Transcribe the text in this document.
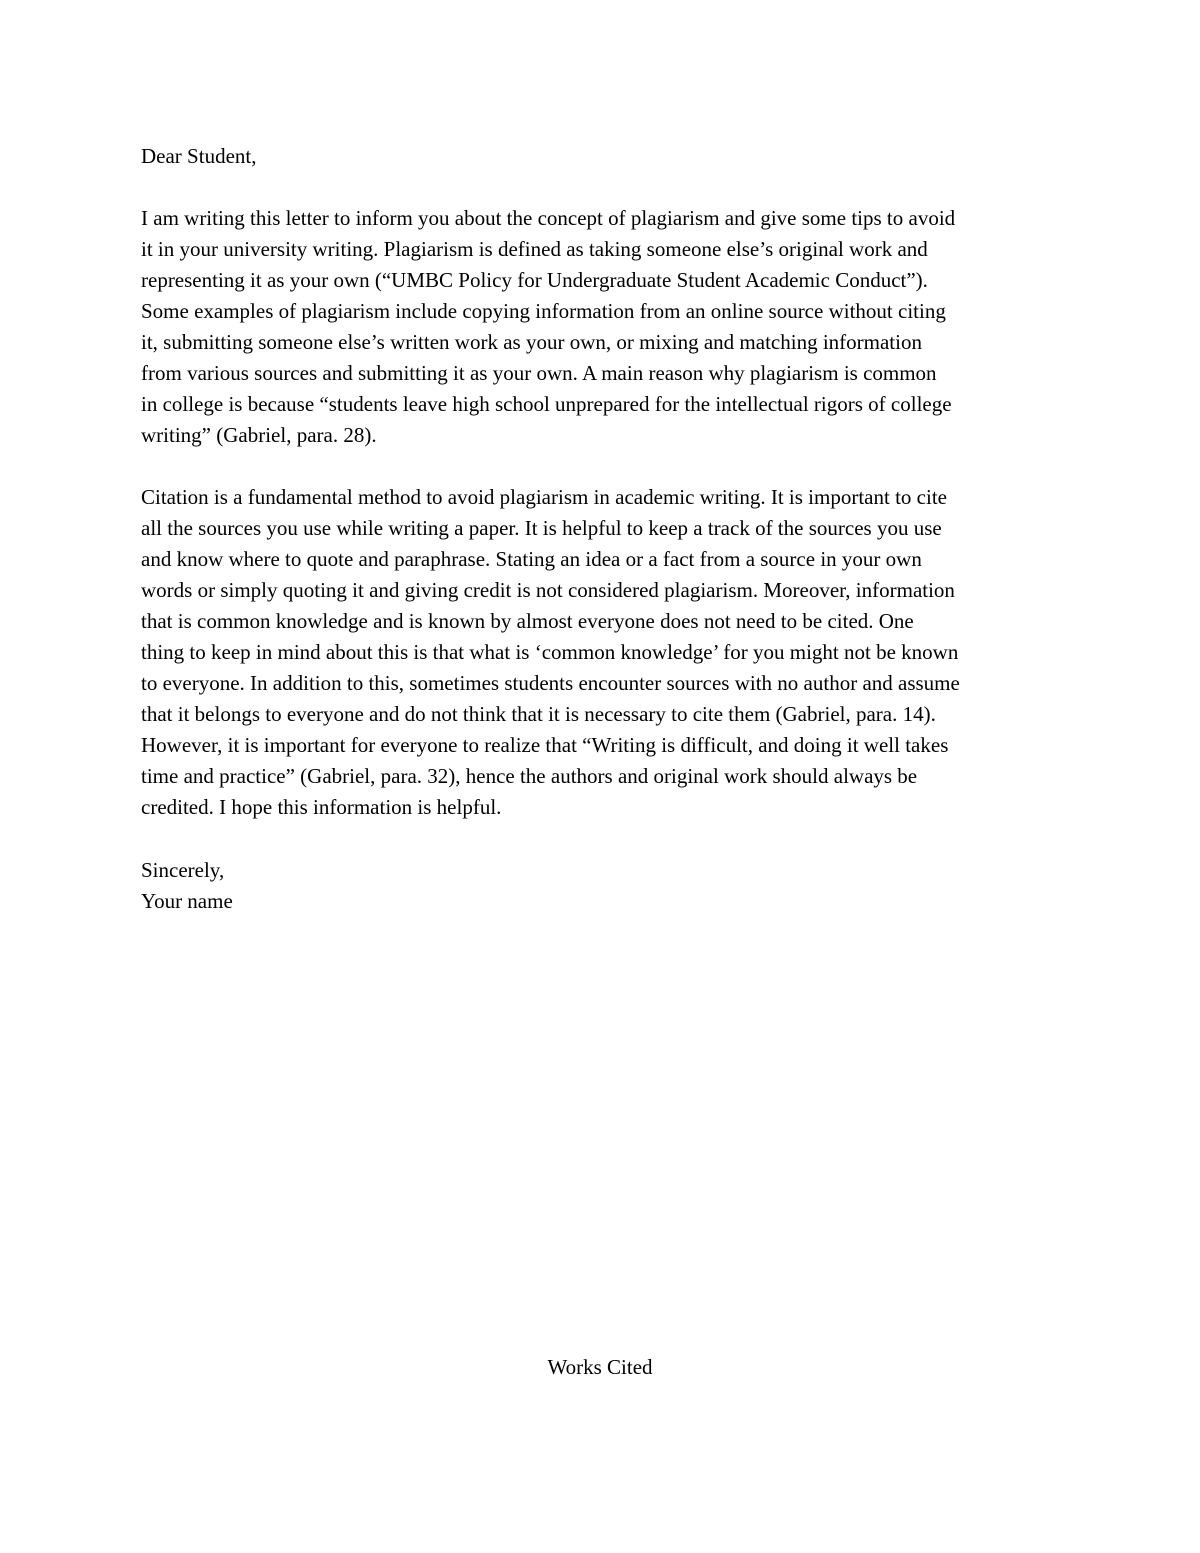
Dear Student,
I am writing this letter to inform you about the concept of plagiarism and give some tips to avoid
it in your university writing. Plagiarism is defined as taking someone else’s original work and
representing it as your own (“UMBC Policy for Undergraduate Student Academic Conduct”).
Some examples of plagiarism include copying information from an online source without citing
it, submitting someone else’s written work as your own, or mixing and matching information
from various sources and submitting it as your own. A main reason why plagiarism is common
in college is because “students leave high school unprepared for the intellectual rigors of college
writing” (Gabriel, para. 28).
Citation is a fundamental method to avoid plagiarism in academic writing. It is important to cite
all the sources you use while writing a paper. It is helpful to keep a track of the sources you use
and know where to quote and paraphrase. Stating an idea or a fact from a source in your own
words or simply quoting it and giving credit is not considered plagiarism. Moreover, information
that is common knowledge and is known by almost everyone does not need to be cited. One
thing to keep in mind about this is that what is ‘common knowledge’ for you might not be known
to everyone. In addition to this, sometimes students encounter sources with no author and assume
that it belongs to everyone and do not think that it is necessary to cite them (Gabriel, para. 14).
However, it is important for everyone to realize that “Writing is difficult, and doing it well takes
time and practice” (Gabriel, para. 32), hence the authors and original work should always be
credited. I hope this information is helpful.
Sincerely,
Your name
Works Cited
